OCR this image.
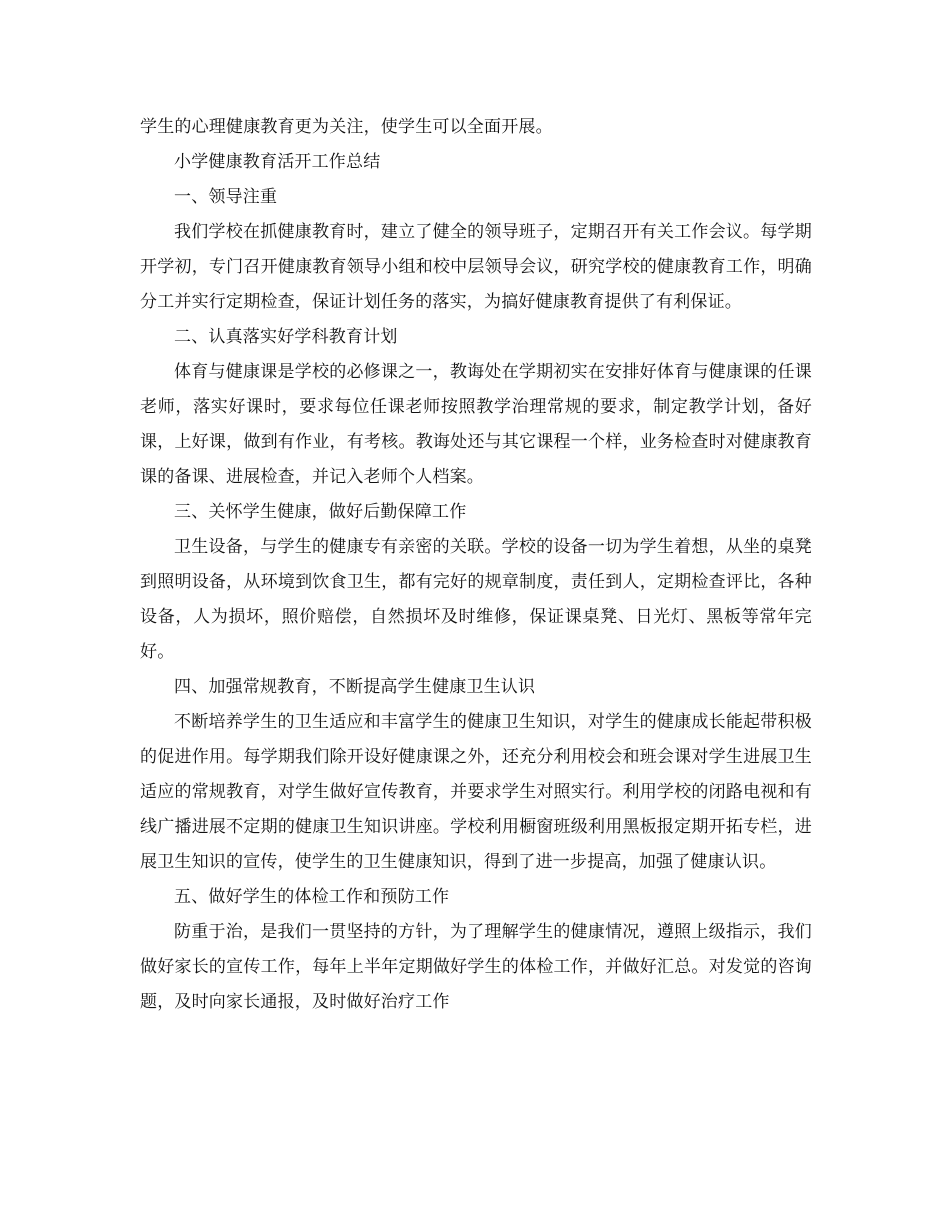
学生的心理健康教育更为关注，使学生可以全面开展。

小学健康教育活开工作总结

一、领导注重

我们学校在抓健康教育时，建立了健全的领导班子，定期召开有关工作会议。每学期开学初，专门召开健康教育领导小组和校中层领导会议，研究学校的健康教育工作，明确分工并实行定期检查，保证计划任务的落实，为搞好健康教育提供了有利保证。

二、认真落实好学科教育计划

体育与健康课是学校的必修课之一，教诲处在学期初实在安排好体育与健康课的任课老师，落实好课时，要求每位任课老师按照教学治理常规的要求，制定教学计划，备好课，上好课，做到有作业，有考核。教诲处还与其它课程一个样，业务检查时对健康教育课的备课、进展检查，并记入老师个人档案。

三、关怀学生健康，做好后勤保障工作

卫生设备，与学生的健康专有亲密的关联。学校的设备一切为学生着想，从坐的桌凳到照明设备，从环境到饮食卫生，都有完好的规章制度，责任到人，定期检查评比，各种设备，人为损坏，照价赔偿，自然损坏及时维修，保证课桌凳、日光灯、黑板等常年完好。

四、加强常规教育，不断提高学生健康卫生认识

不断培养学生的卫生适应和丰富学生的健康卫生知识，对学生的健康成长能起带积极的促进作用。每学期我们除开设好健康课之外，还充分利用校会和班会课对学生进展卫生适应的常规教育，对学生做好宣传教育，并要求学生对照实行。利用学校的闭路电视和有线广播进展不定期的健康卫生知识讲座。学校利用橱窗班级利用黑板报定期开拓专栏，进展卫生知识的宣传，使学生的卫生健康知识，得到了进一步提高，加强了健康认识。

五、做好学生的体检工作和预防工作

防重于治，是我们一贯坚持的方针，为了理解学生的健康情况，遵照上级指示，我们做好家长的宣传工作，每年上半年定期做好学生的体检工作，并做好汇总。对发觉的咨询题，及时向家长通报，及时做好治疗工作
